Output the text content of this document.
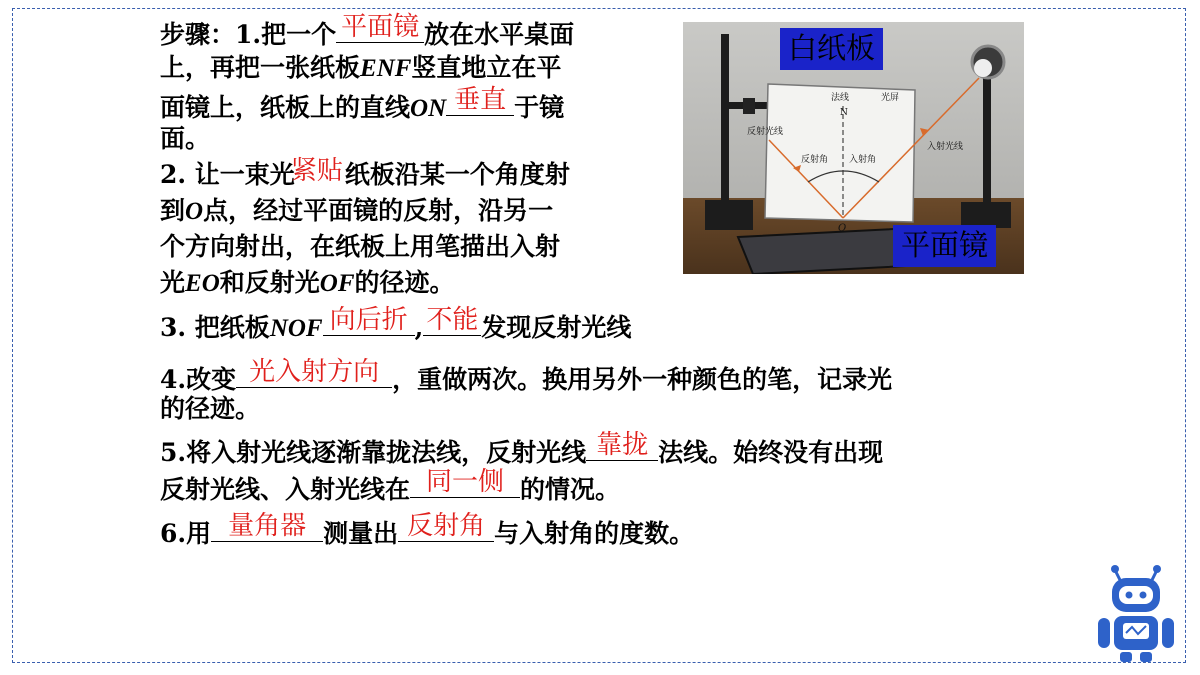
步骤：1.把一个 平面镜 放在水平桌面
上，再把一张纸板ENF竖直地立在平
面镜上，纸板上的直线ON 垂直 于镜
面。
2. 让一束光
紧贴 纸板沿某一个角度射
到O点，经过平面镜的反射，沿另一
个方向射出，在纸板上用笔描出入射
光EO和反射光OF的径迹。
3. 把纸板NOF 向后折 , 不能 发现反射光线
4.改变 光入射方向 ，重做两次。换用另外一种颜色的笔，记录光
的径迹。
5.将入射光线逐渐靠拢法线，反射光线 靠拢 法线。始终没有出现
反射光线、入射光线在 同一侧 的情况。
6.用 量角器 测量出 反射角 与入射角的度数。
法线	光屏
N
反射光线
入射光线
反射角 入射角
O
白纸板
平面镜
